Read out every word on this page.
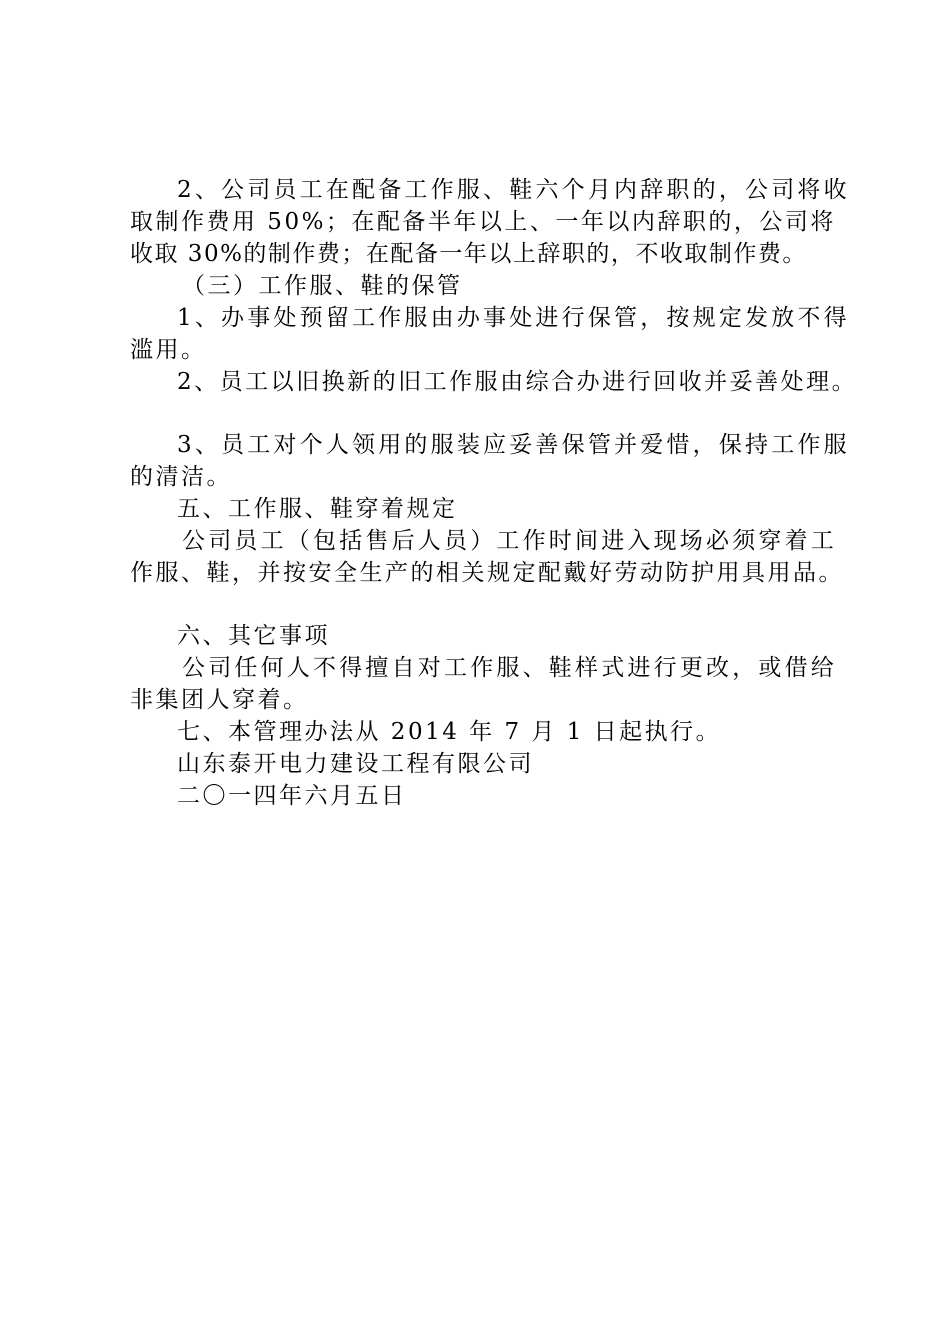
2、公司员工在配备工作服、鞋六个月内辞职的，公司将收
取制作费用 50%；在配备半年以上、一年以内辞职的，公司将
收取 30%的制作费；在配备一年以上辞职的，不收取制作费。
（三）工作服、鞋的保管
1、办事处预留工作服由办事处进行保管，按规定发放不得
滥用。
2、员工以旧换新的旧工作服由综合办进行回收并妥善处理。
3、员工对个人领用的服装应妥善保管并爱惜，保持工作服
的清洁。
五、工作服、鞋穿着规定
公司员工（包括售后人员）工作时间进入现场必须穿着工
作服、鞋，并按安全生产的相关规定配戴好劳动防护用具用品。
六、其它事项
公司任何人不得擅自对工作服、鞋样式进行更改，或借给
非集团人穿着。
七、本管理办法从 2014 年 7 月 1 日起执行。
山东泰开电力建设工程有限公司
二〇一四年六月五日
